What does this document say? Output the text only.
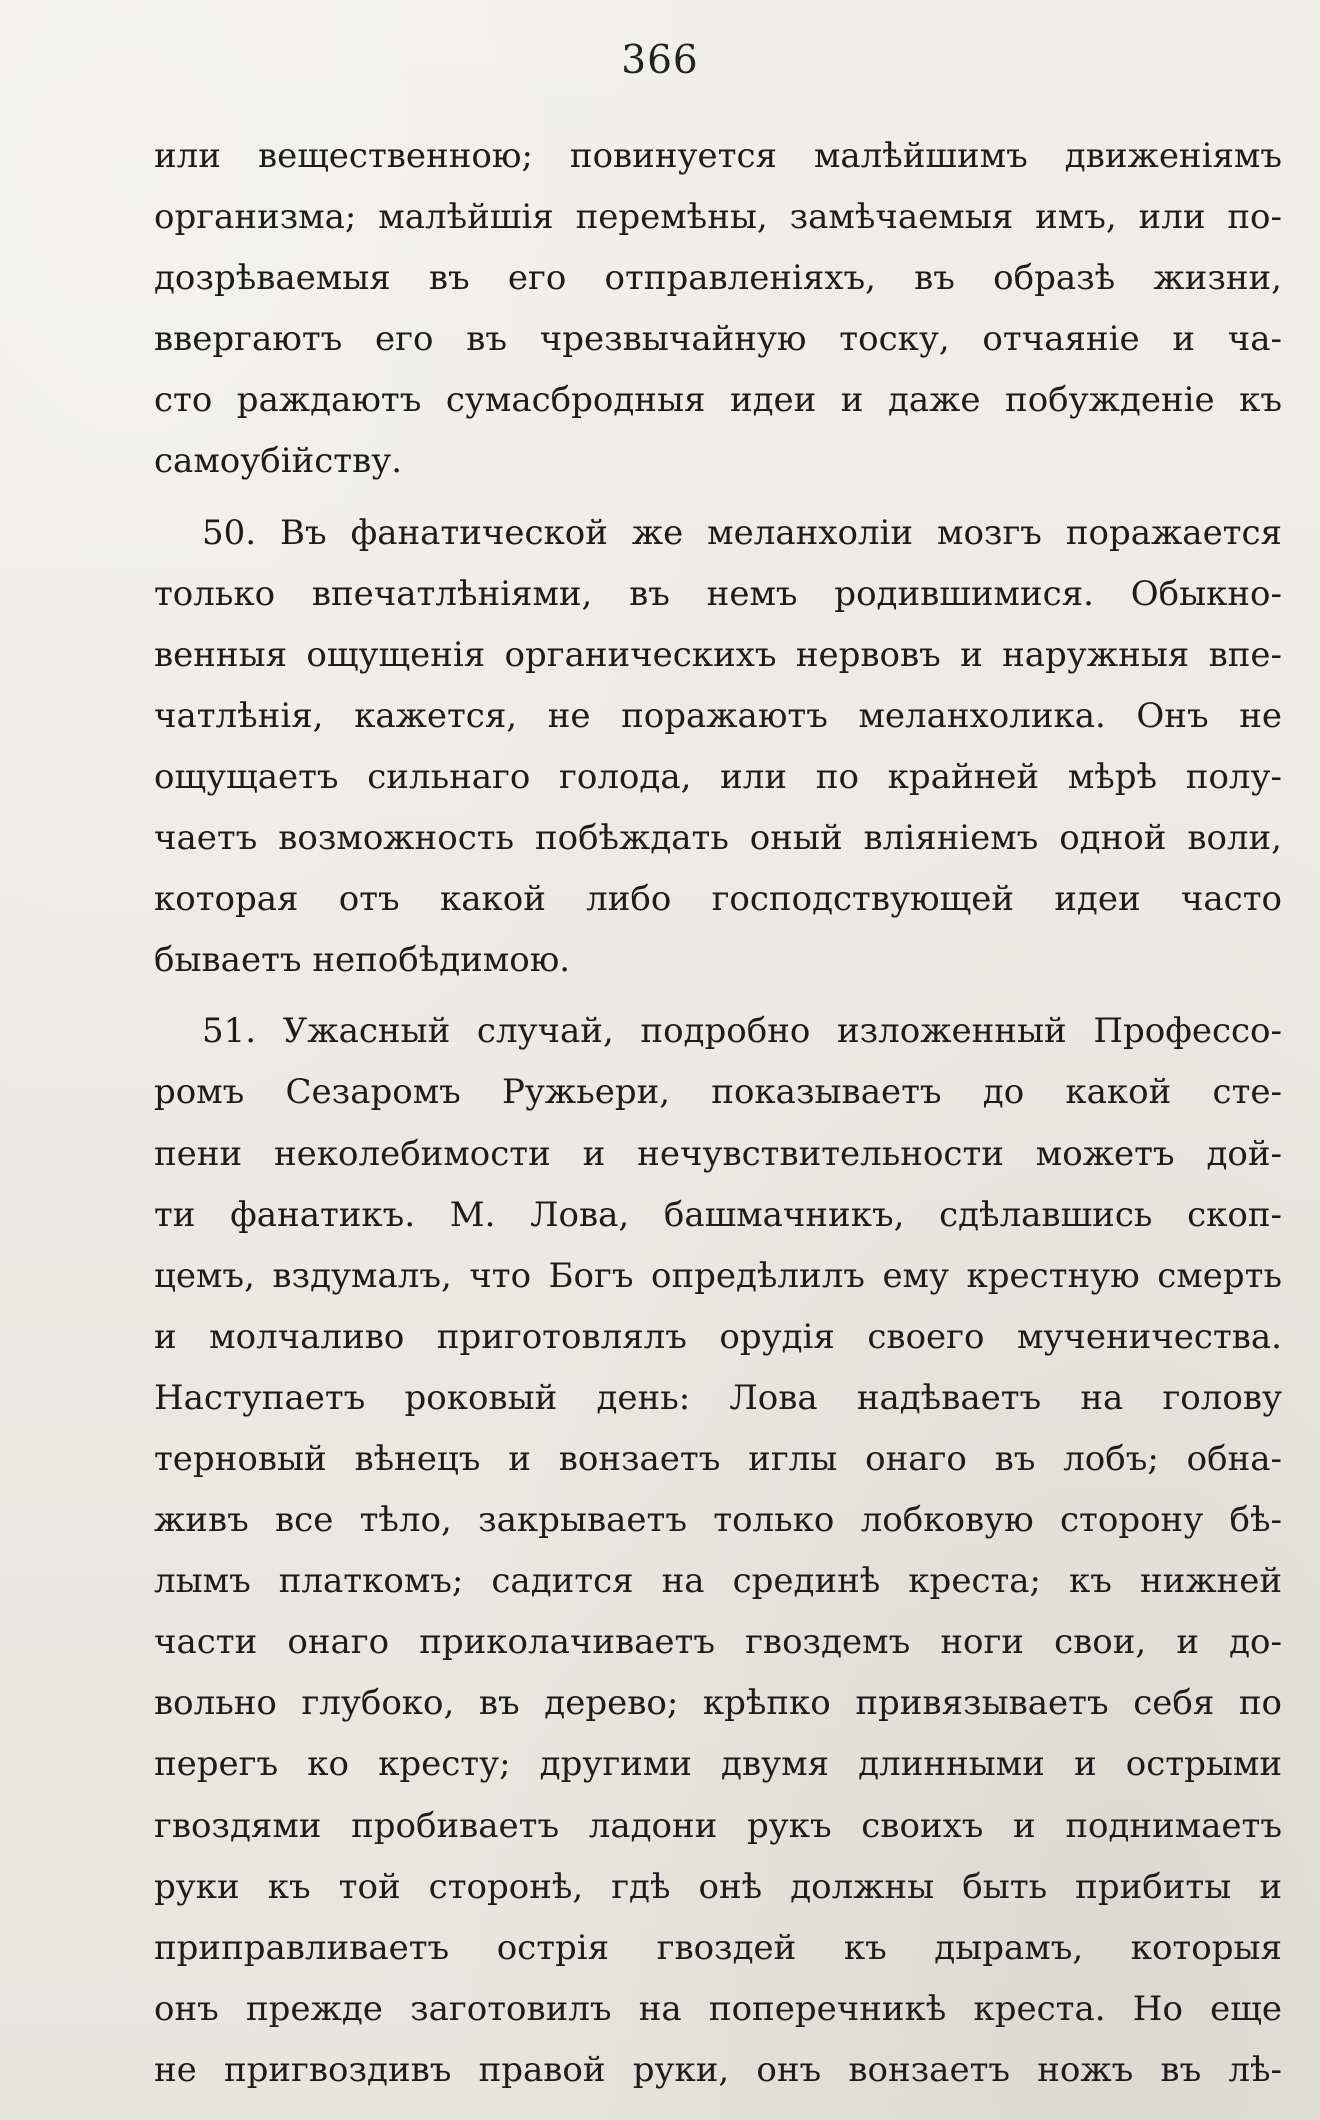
366
или вещественною; повинуется малѣйшимъ движеніямъ
организма; малѣйшія перемѣны, замѣчаемыя имъ, или по-
дозрѣваемыя въ его отправленіяхъ, въ образѣ жизни,
ввергаютъ его въ чрезвычайную тоску, отчаяніе и ча-
сто раждаютъ сумасбродныя идеи и даже побужденіе къ
самоубійству.
50. Въ фанатической же меланхоліи мозгъ поражается
только впечатлѣніями, въ немъ родившимися. Обыкно-
венныя ощущенія органическихъ нервовъ и наружныя впе-
чатлѣнія, кажется, не поражаютъ меланхолика. Онъ не
ощущаетъ сильнаго голода, или по крайней мѣрѣ полу-
чаетъ возможность побѣждать оный вліяніемъ одной воли,
которая отъ какой либо господствующей идеи часто
бываетъ непобѣдимою.
51. Ужасный случай, подробно изложенный Профессо-
ромъ Сезаромъ Ружьери, показываетъ до какой сте-
пени неколебимости и нечувствительности можетъ дой-
ти фанатикъ. М. Лова, башмачникъ, сдѣлавшись скоп-
цемъ, вздумалъ, что Богъ опредѣлилъ ему крестную смерть
и молчаливо приготовлялъ орудія своего мученичества.
Наступаетъ роковый день: Лова надѣваетъ на голову
терновый вѣнецъ и вонзаетъ иглы онаго въ лобъ; обна-
живъ все тѣло, закрываетъ только лобковую сторону бѣ-
лымъ платкомъ; садится на срединѣ креста; къ нижней
части онаго приколачиваетъ гвоздемъ ноги свои, и до-
вольно глубоко, въ дерево; крѣпко привязываетъ себя по
перегъ ко кресту; другими двумя длинными и острыми
гвоздями пробиваетъ ладони рукъ своихъ и поднимаетъ
руки къ той сторонѣ, гдѣ онѣ должны быть прибиты и
приправливаетъ острія гвоздей къ дырамъ, которыя
онъ прежде заготовилъ на поперечникѣ креста. Но еще
не пригвоздивъ правой руки, онъ вонзаетъ ножъ въ лѣ-
